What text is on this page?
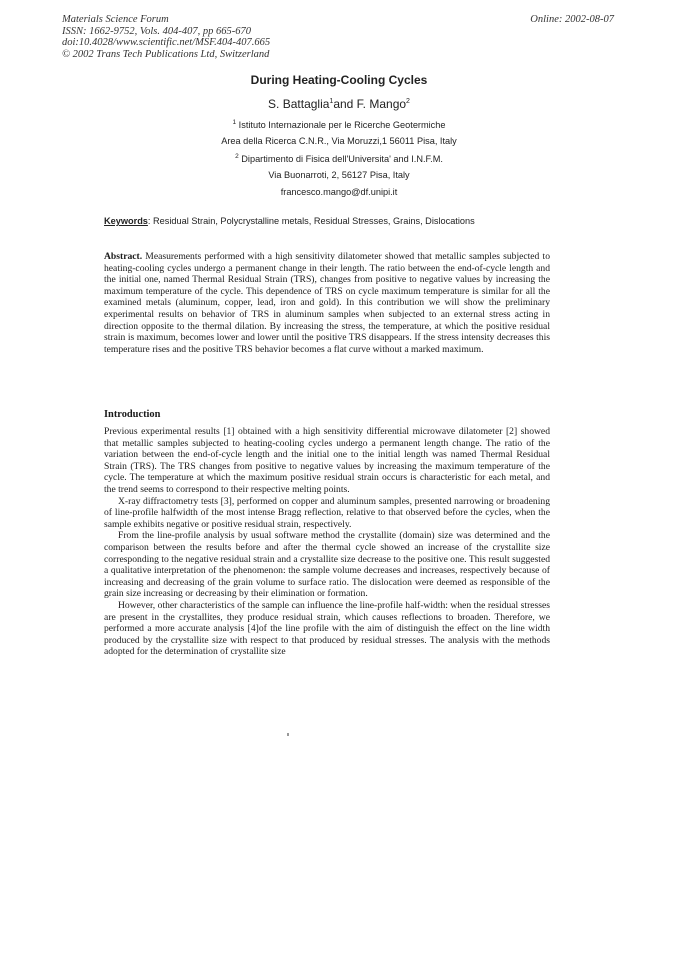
Materials Science Forum
ISSN: 1662-9752, Vols. 404-407, pp 665-670
doi:10.4028/www.scientific.net/MSF.404-407.665
© 2002 Trans Tech Publications Ltd, Switzerland
Online: 2002-08-07
During Heating-Cooling Cycles
S. Battaglia$^1$and F. Mango$^2$
$^1$ Istituto Internazionale per le Ricerche Geotermiche
Area della Ricerca C.N.R., Via Moruzzi,1 56011 Pisa, Italy
$^2$ Dipartimento di Fisica dell'Universita' and I.N.F.M.
Via Buonarroti, 2, 56127 Pisa, Italy
francesco.mango@df.unipi.it
Keywords: Residual Strain, Polycrystalline metals, Residual Stresses, Grains, Dislocations

Abstract. Measurements performed with a high sensitivity dilatometer showed that metallic samples subjected to heating-cooling cycles undergo a permanent change in their length. The ratio between the end-of-cycle length and the initial one, named Thermal Residual Strain (TRS), changes from positive to negative values by increasing the maximum temperature of the cycle. This dependence of TRS on cycle maximum temperature is similar for all the examined metals (aluminum, copper, lead, iron and gold). In this contribution we will show the preliminary experimental results on behavior of TRS in aluminum samples when subjected to an external stress acting in direction opposite to the thermal dilation. By increasing the stress, the temperature, at which the positive residual strain is maximum, becomes lower and lower until the positive TRS disappears. If the stress intensity decreases this temperature rises and the positive TRS behavior becomes a flat curve without a marked maximum.

Introduction

Previous experimental results [1] obtained with a high sensitivity differential microwave dilatometer [2] showed that metallic samples subjected to heating-cooling cycles undergo a permanent length change. The ratio of the variation between the end-of-cycle length and the initial one to the initial length was named Thermal Residual Strain (TRS). The TRS changes from positive to negative values by increasing the maximum temperature of the cycle. The temperature at which the maximum positive residual strain occurs is characteristic for each metal, and the trend seems to correspond to their respective melting points.

X-ray diffractometry tests [3], performed on copper and aluminum samples, presented narrowing or broadening of line-profile halfwidth of the most intense Bragg reflection, relative to that observed before the cycles, when the sample exhibits negative or positive residual strain, respectively.

From the line-profile analysis by usual software method the crystallite (domain) size was determined and the comparison between the results before and after the thermal cycle showed an increase of the crystallite size corresponding to the negative residual strain and a crystallite size decrease to the positive one. This result suggested a qualitative interpretation of the phenomenon: the sample volume decreases and increases, respectively because of increasing and decreasing of the grain volume to surface ratio. The dislocation were deemed as responsible of the grain size increasing or decreasing by their elimination or formation.

However, other characteristics of the sample can influence the line-profile half-width: when the residual stresses are present in the crystallites, they produce residual strain, which causes reflections to broaden. Therefore, we performed a more accurate analysis [4]of the line profile with the aim of distinguish the effect on the line width produced by the crystallite size with respect to that produced by residual stresses. The analysis with the methods adopted for the determination of crystallite size
